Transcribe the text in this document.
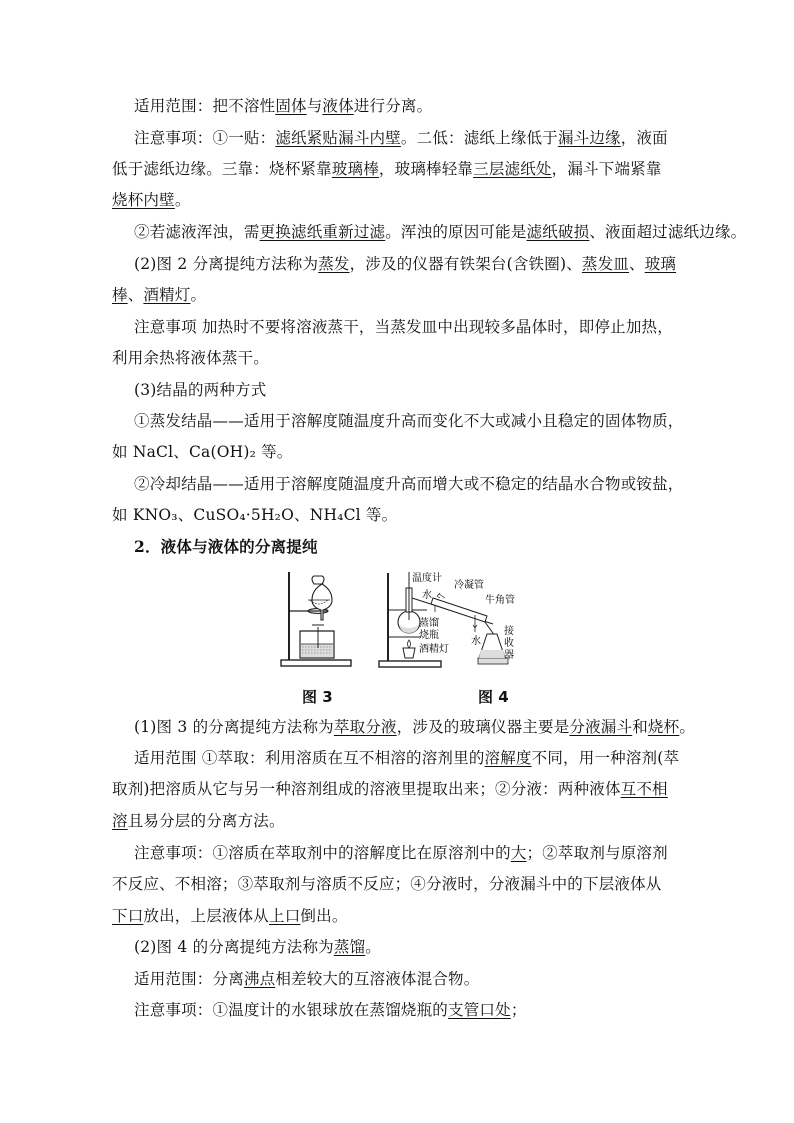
适用范围：把不溶性固体与液体进行分离。
注意事项：①一贴：滤纸紧贴漏斗内壁。二低：滤纸上缘低于漏斗边缘，液面
低于滤纸边缘。三靠：烧杯紧靠玻璃棒，玻璃棒轻靠三层滤纸处，漏斗下端紧靠
烧杯内壁。
②若滤液浑浊，需更换滤纸重新过滤。浑浊的原因可能是滤纸破损、液面超过滤纸边缘。
(2)图 2 分离提纯方法称为蒸发，涉及的仪器有铁架台(含铁圈)、蒸发皿、玻璃
棒、酒精灯。
注意事项 加热时不要将溶液蒸干，当蒸发皿中出现较多晶体时，即停止加热，
利用余热将液体蒸干。
(3)结晶的两种方式
①蒸发结晶——适用于溶解度随温度升高而变化不大或减小且稳定的固体物质，
如 NaCl、Ca(OH)₂ 等。
②冷却结晶——适用于溶解度随温度升高而增大或不稳定的结晶水合物或铵盐，
如 KNO₃、CuSO₄·5H₂O、NH₄Cl 等。
2．液体与液体的分离提纯
温度计
水
冷凝管
牛角管
蒸馏
烧瓶
酒精灯
水
接
收
器
图 3	图 4
(1)图 3 的分离提纯方法称为萃取分液，涉及的玻璃仪器主要是分液漏斗和烧杯。
适用范围 ①萃取：利用溶质在互不相溶的溶剂里的溶解度不同，用一种溶剂(萃
取剂)把溶质从它与另一种溶剂组成的溶液里提取出来；②分液：两种液体互不相
溶且易分层的分离方法。
注意事项：①溶质在萃取剂中的溶解度比在原溶剂中的大；②萃取剂与原溶剂
不反应、不相溶；③萃取剂与溶质不反应；④分液时，分液漏斗中的下层液体从
下口放出，上层液体从上口倒出。
(2)图 4 的分离提纯方法称为蒸馏。
适用范围：分离沸点相差较大的互溶液体混合物。
注意事项：①温度计的水银球放在蒸馏烧瓶的支管口处；
